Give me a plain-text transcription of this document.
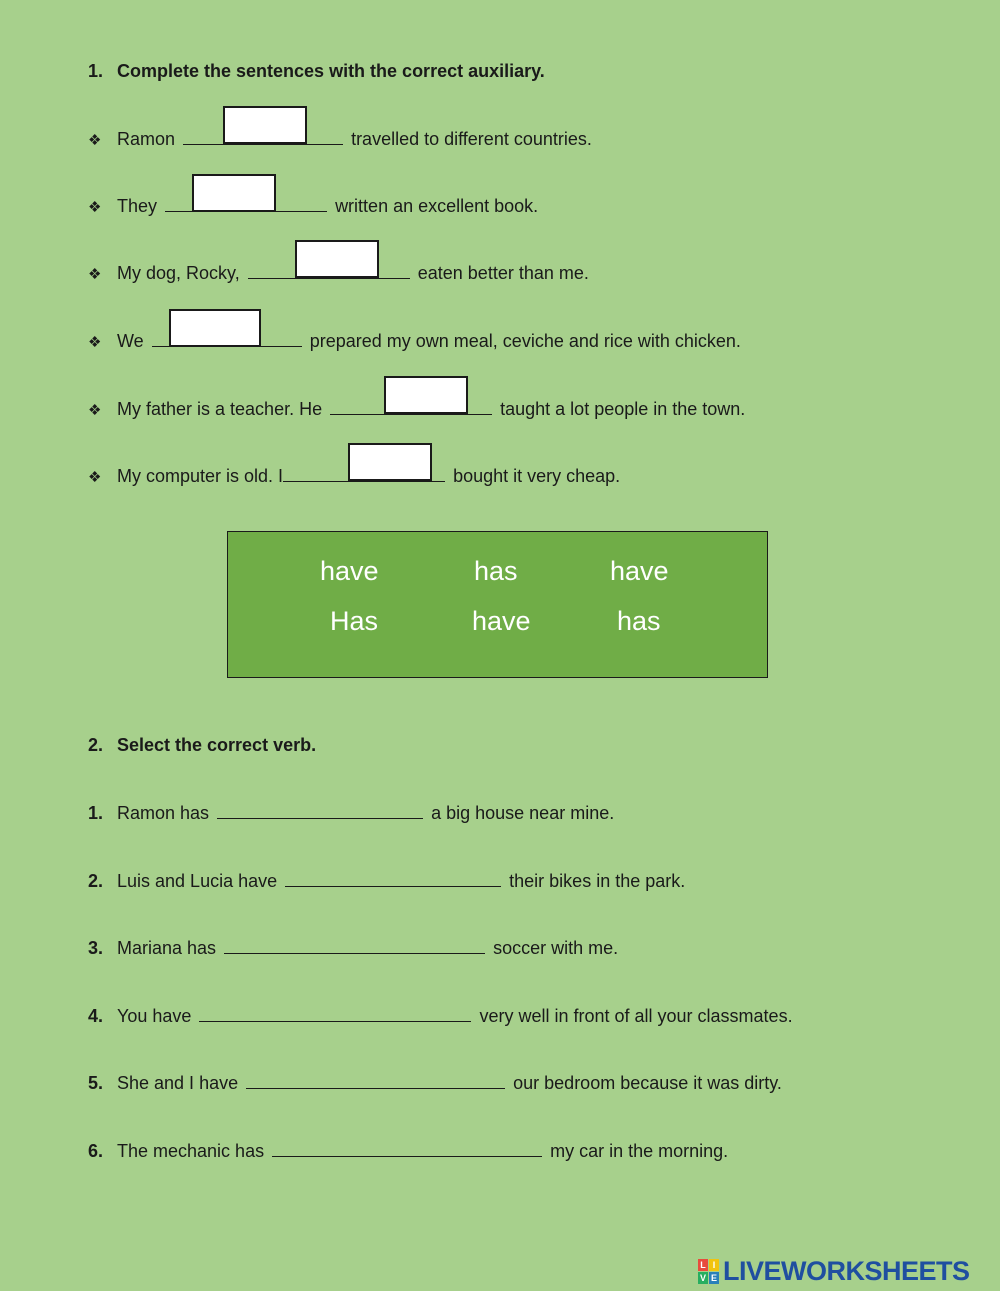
1. Complete the sentences with the correct auxiliary.
❖ Ramon	travelled to different countries.
❖ They	written an excellent book.
❖ My dog, Rocky,	eaten better than me.
❖ We	prepared my own meal, ceviche and rice with chicken.
❖ My father is a teacher. He	taught a lot people in the town.
❖ My computer is old. I	bought it very cheap.
have	has	have
Has	have	has
2. Select the correct verb.
1. Ramon has	a big house near mine.
2. Luis and Lucia have	their bikes in the park.
3. Mariana has	soccer with me.
4. You have	very well in front of all your classmates.
5. She and I have	our bedroom because it was dirty.
6. The mechanic has	my car in the morning.
L I
V E LIVEWORKSHEETS
